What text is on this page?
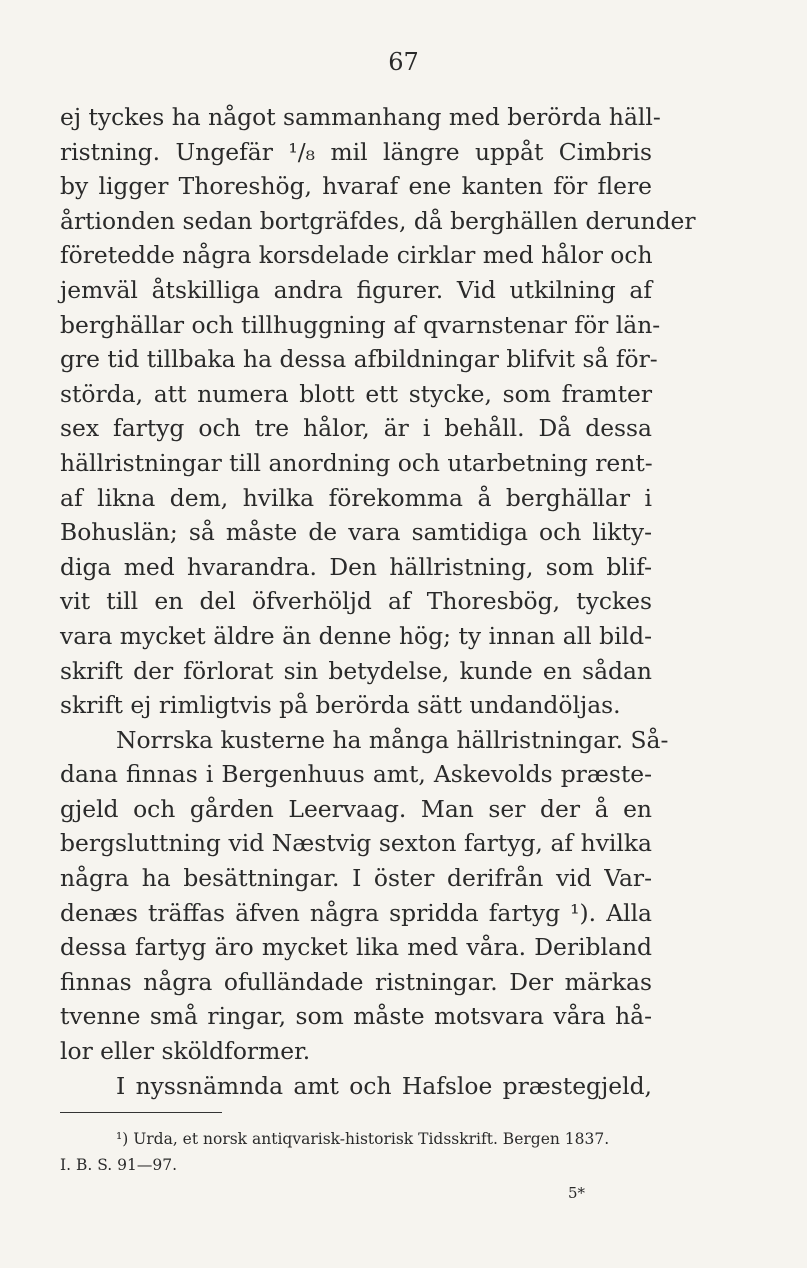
67
ej tyckes ha något sammanhang med berörda häll-
ristning. Ungefär ¹/₈ mil längre uppåt Cimbris
by ligger Thoreshög, hvaraf ene kanten för flere
årtionden sedan bortgräfdes, då berghällen derunder
företedde några korsdelade cirklar med hålor och
jemväl åtskilliga andra figurer. Vid utkilning af
berghällar och tillhuggning af qvarnstenar för län-
gre tid tillbaka ha dessa afbildningar blifvit så för-
störda, att numera blott ett stycke, som framter
sex fartyg och tre hålor, är i behåll. Då dessa
hällristningar till anordning och utarbetning rent-
af likna dem, hvilka förekomma å berghällar i
Bohuslän; så måste de vara samtidiga och likty-
diga med hvarandra. Den hällristning, som blif-
vit till en del öfverhöljd af Thoresbög, tyckes
vara mycket äldre än denne hög; ty innan all bild-
skrift der förlorat sin betydelse, kunde en sådan
skrift ej rimligtvis på berörda sätt undandöljas.
Norrska kusterne ha många hällristningar. Så-
dana finnas i Bergenhuus amt, Askevolds præste-
gjeld och gården Leervaag. Man ser der å en
bergsluttning vid Næstvig sexton fartyg, af hvilka
några ha besättningar. I öster derifrån vid Var-
denæs träffas äfven några spridda fartyg ¹). Alla
dessa fartyg äro mycket lika med våra. Deribland
finnas några ofulländade ristningar. Der märkas
tvenne små ringar, som måste motsvara våra hå-
lor eller sköldformer.
I nyssnämnda amt och Hafsloe præstegjeld,
¹) Urda, et norsk antiqvarisk-historisk Tidsskrift. Bergen 1837.
I. B. S. 91—97.
5*
